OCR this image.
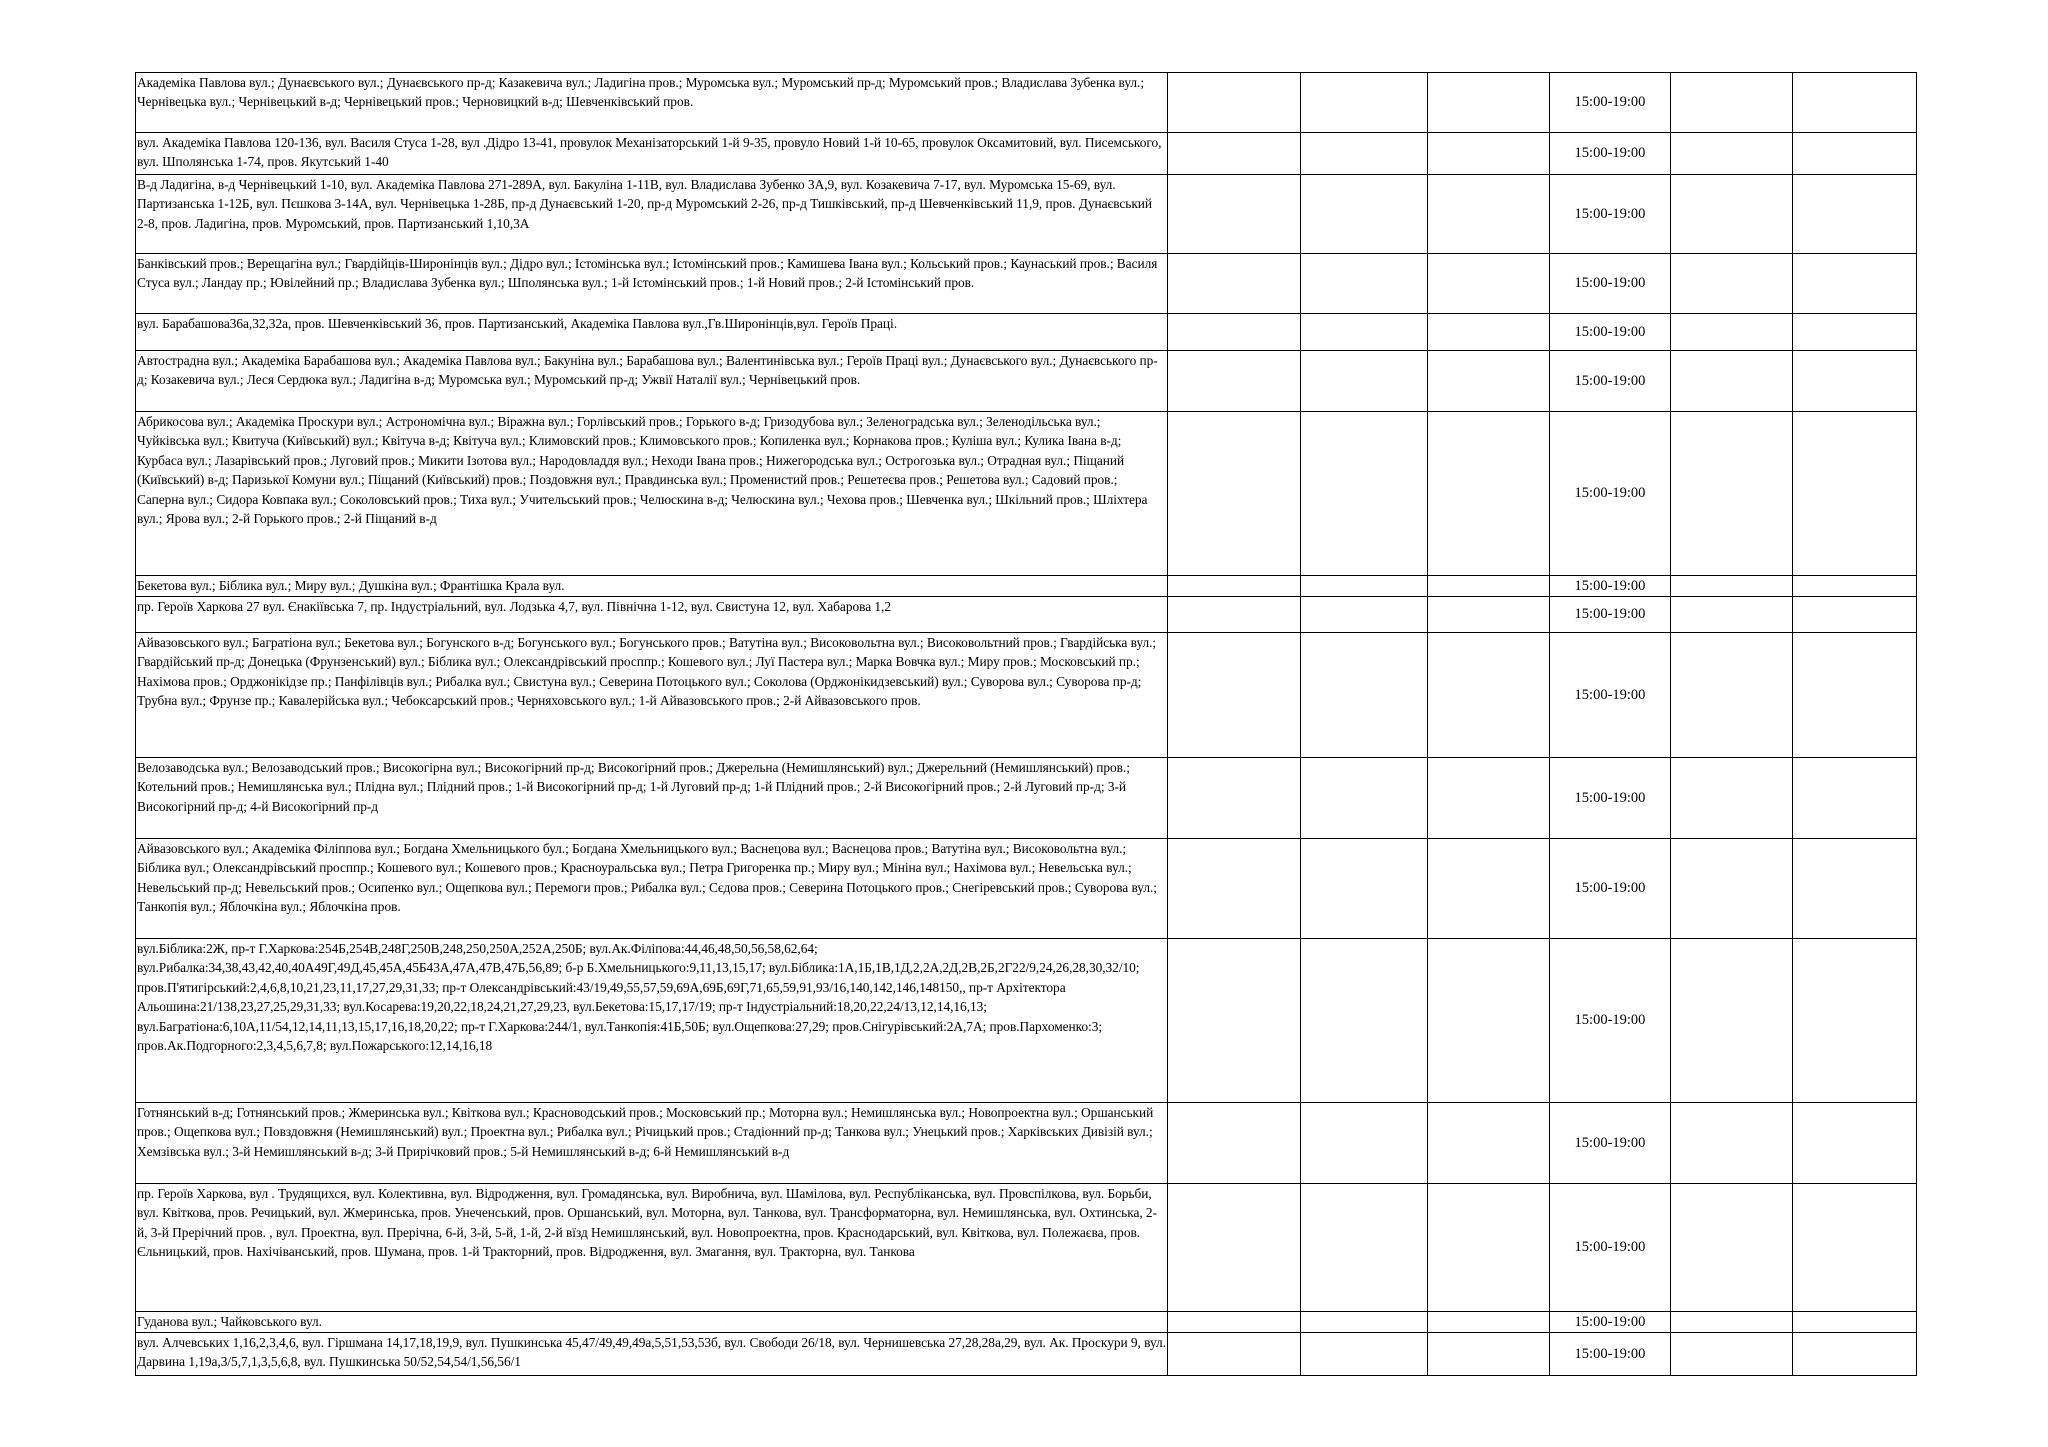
Академіка Павлова вул.; Дунаєвського вул.; Дунаєвського пр-д; Казакевича вул.; Ладигіна пров.; Муромська вул.; Муромський пр-д; Муромський пров.; Владислава Зубенка вул.; Чернівецька вул.; Чернівецький в-д; Чернівецький пров.; Черновицкий в-д; Шевченківський пров.				15:00-19:00		
вул. Академіка Павлова 120-136, вул. Василя Стуса 1-28, вул .Дідро 13-41, провулок Механізаторський 1-й 9-35, провуло Новий 1-й 10-65, провулок Оксамитовий, вул. Писемського, вул. Шполянська 1-74, пров. Якутський 1-40				15:00-19:00		
В-д Ладигіна, в-д Чернівецький 1-10, вул. Академіка Павлова 271-289А, вул. Бакуліна 1-11В, вул. Владислава Зубенко 3А,9, вул. Козакевича 7-17, вул. Муромська 15-69, вул. Партизанська 1-12Б, вул. Пєшкова 3-14А, вул. Чернівецька 1-28Б, пр-д Дунаєвський 1-20, пр-д Муромський 2-26, пр-д Тишківський, пр-д Шевченківський 11,9, пров. Дунаєвський 2-8, пров. Ладигіна, пров. Муромський, пров. Партизанський 1,10,3А				15:00-19:00		
Банківський пров.; Верещагіна вул.; Гвардійців-Широнінців вул.; Дідро вул.; Істомінська вул.; Істомінський пров.; Камишева Івана вул.; Кольський пров.; Каунаський пров.; Василя Стуса вул.; Ландау пр.; Ювілейний пр.; Владислава Зубенка вул.; Шполянська вул.; 1-й Істомінський пров.; 1-й Новий пров.; 2-й Істомінський пров.				15:00-19:00		
вул. Барабашова36а,32,32а, пров. Шевченківський 36, пров. Партизанський, Академіка Павлова вул.,Гв.Широнінців,вул. Героїв Праці.				15:00-19:00		
Автострадна вул.; Академіка Барабашова вул.; Академіка Павлова вул.; Бакуніна вул.; Барабашова вул.; Валентинівська вул.; Героїв Праці вул.; Дунаєвського вул.; Дунаєвського пр-д; Козакевича вул.; Леся Сердюка вул.; Ладигіна в-д; Муромська вул.; Муромський пр-д; Ужвії Наталії вул.; Чернівецький пров.				15:00-19:00		
Абрикосова вул.; Академіка Проскури вул.; Астрономічна вул.; Віражна вул.; Горлівський пров.; Горького в-д; Гризодубова вул.; Зеленоградська вул.; Зеленодільська вул.; Чуйківська вул.; Квитуча (Київський) вул.; Квітуча в-д; Квітуча вул.; Климовский пров.; Климовського пров.; Копиленка вул.; Корнакова пров.; Куліша вул.; Кулика Івана в-д; Курбаса вул.; Лазарівський пров.; Луговий пров.; Микити Ізотова вул.; Народовладдя вул.; Неходи Івана пров.; Нижегородська вул.; Острогозька вул.; Отрадная вул.; Піщаний (Київський) в-д; Паризької Комуни вул.; Піщаний (Київський) пров.; Поздовжня вул.; Правдинська вул.; Променистий пров.; Решетеєва пров.; Решетова вул.; Садовий пров.; Саперна вул.; Сидора Ковпака вул.; Соколовський пров.; Тиха вул.; Учительський пров.; Челюскина в-д; Челюскина вул.; Чехова пров.; Шевченка вул.; Шкільний пров.; Шліхтера вул.; Ярова вул.; 2-й Горького пров.; 2-й Піщаний в-д				15:00-19:00		
Бекетова вул.; Біблика вул.; Миру вул.; Душкіна вул.; Франтішка Крала вул.				15:00-19:00		
пр. Героїв Харкова 27 вул. Єнакіївська 7, пр. Індустріальний, вул. Лодзька 4,7, вул. Північна 1-12, вул. Свистуна 12, вул. Хабарова 1,2				15:00-19:00		
Айвазовського вул.; Багратіона вул.; Бекетова вул.; Богунского в-д; Богунського вул.; Богунського пров.; Ватутіна вул.; Високовольтна вул.; Високовольтний пров.; Гвардійська вул.; Гвардійський пр-д; Донецька (Фрунзенський) вул.; Біблика вул.; Олександрівський просппр.; Кошевого вул.; Луї Пастера вул.; Марка Вовчка вул.; Миру пров.; Московський пр.; Нахімова пров.; Орджонікідзе пр.; Панфілівців вул.; Рибалка вул.; Свистуна вул.; Северина Потоцького вул.; Соколова (Орджонікидзевський) вул.; Суворова вул.; Суворова пр-д; Трубна вул.; Фрунзе пр.; Кавалерійська вул.; Чебоксарський пров.; Черняховського вул.; 1-й Айвазовського пров.; 2-й Айвазовського пров.				15:00-19:00		
Велозаводська вул.; Велозаводський пров.; Високогірна вул.; Високогірний пр-д; Високогірний пров.; Джерельна (Немишлянський) вул.; Джерельний (Немишлянський) пров.; Котельний пров.; Немишлянська вул.; Плідна вул.; Плідний пров.; 1-й Високогірний пр-д; 1-й Луговий пр-д; 1-й Плідний пров.; 2-й Високогірний пров.; 2-й Луговий пр-д; 3-й Високогірний пр-д; 4-й Високогірний пр-д				15:00-19:00		
Айвазовського вул.; Академіка Філіппова вул.; Богдана Хмельницького бул.; Богдана Хмельницького вул.; Васнецова вул.; Васнецова пров.; Ватутіна вул.; Високовольтна вул.; Біблика вул.; Олександрівський просппр.; Кошевого вул.; Кошевого пров.; Красноуральська вул.; Петра Григоренка пр.; Миру вул.; Мініна вул.; Нахімова вул.; Невельська вул.; Невельський пр-д; Невельський пров.; Осипенко вул.; Ощепкова вул.; Перемоги пров.; Рибалка вул.; Сєдова пров.; Северина Потоцького пров.; Снегіревський пров.; Суворова вул.; Танкопія вул.; Яблочкіна вул.; Яблочкіна пров.				15:00-19:00		
вул.Біблика:2Ж, пр-т Г.Харкова:254Б,254В,248Г,250В,248,250,250А,252А,250Б; вул.Ак.Філіпова:44,46,48,50,56,58,62,64; вул.Рибалка:34,38,43,42,40,40А49Г,49Д,45,45А,45Б43А,47А,47В,47Б,56,89; б-р Б.Хмельницького:9,11,13,15,17; вул.Біблика:1А,1Б,1В,1Д,2,2А,2Д,2В,2Б,2Г22/9,24,26,28,30,32/10; пров.П'ятигірський:2,4,6,8,10,21,23,11,17,27,29,31,33; пр-т Олександрівський:43/19,49,55,57,59,69А,69Б,69Г,71,65,59,91,93/16,140,142,146,148150,, пр-т Архітектора Альошина:21/138,23,27,25,29,31,33; вул.Косарева:19,20,22,18,24,21,27,29,23, вул.Бекетова:15,17,17/19; пр-т Індустріальний:18,20,22,24/13,12,14,16,13; вул.Багратіона:6,10А,11/54,12,14,11,13,15,17,16,18,20,22; пр-т Г.Харкова:244/1, вул.Танкопія:41Б,50Б; вул.Ощепкова:27,29; пров.Снігурівський:2А,7А; пров.Пархоменко:3; пров.Ак.Подгорного:2,3,4,5,6,7,8; вул.Пожарського:12,14,16,18				15:00-19:00		
Готнянський в-д; Готнянський пров.; Жмеринська вул.; Квіткова вул.; Красноводський пров.; Московський пр.; Моторна вул.; Немишлянська вул.; Новопроектна вул.; Оршанський пров.; Ощепкова вул.; Повздовжня (Немишлянський) вул.; Проектна вул.; Рибалка вул.; Річицький пров.; Стадіонний пр-д; Танкова вул.; Унецький пров.; Харківських Дивізій вул.; Хемзівська вул.; 3-й Немишлянський в-д; 3-й Прирічковий пров.; 5-й Немишлянський в-д; 6-й Немишлянський в-д				15:00-19:00		
пр. Героїв Харкова, вул . Трудящихся, вул. Колективна, вул. Відродження, вул. Громадянська, вул. Виробнича, вул. Шамілова, вул. Республіканська, вул. Провспілкова, вул. Борьби, вул. Квіткова, пров. Речицький, вул. Жмеринська, пров. Унеченський, пров. Оршанський, вул. Моторна, вул. Танкова, вул. Трансформаторна, вул. Немишлянська, вул. Охтинська, 2-й, 3-й Прерічний пров. , вул. Проектна, вул. Прерічна, 6-й, 3-й, 5-й, 1-й, 2-й вїзд Немишлянський, вул. Новопроектна, пров. Краснодарський, вул. Квіткова, вул. Полежаєва, пров. Єльницький, пров. Нахічіванський, пров. Шумана, пров. 1-й Тракторний, пров. Відродження, вул. Змагання, вул. Тракторна, вул. Танкова				15:00-19:00		
Гуданова вул.; Чайковського вул.				15:00-19:00		
вул. Алчевських 1,16,2,3,4,6, вул. Гіршмана 14,17,18,19,9, вул. Пушкинська 45,47/49,49,49а,5,51,53,53б, вул. Свободи 26/18, вул. Чернишевська 27,28,28а,29, вул. Ак. Проскури 9, вул. Дарвина 1,19а,3/5,7,1,3,5,6,8, вул. Пушкинська 50/52,54,54/1,56,56/1				15:00-19:00		
